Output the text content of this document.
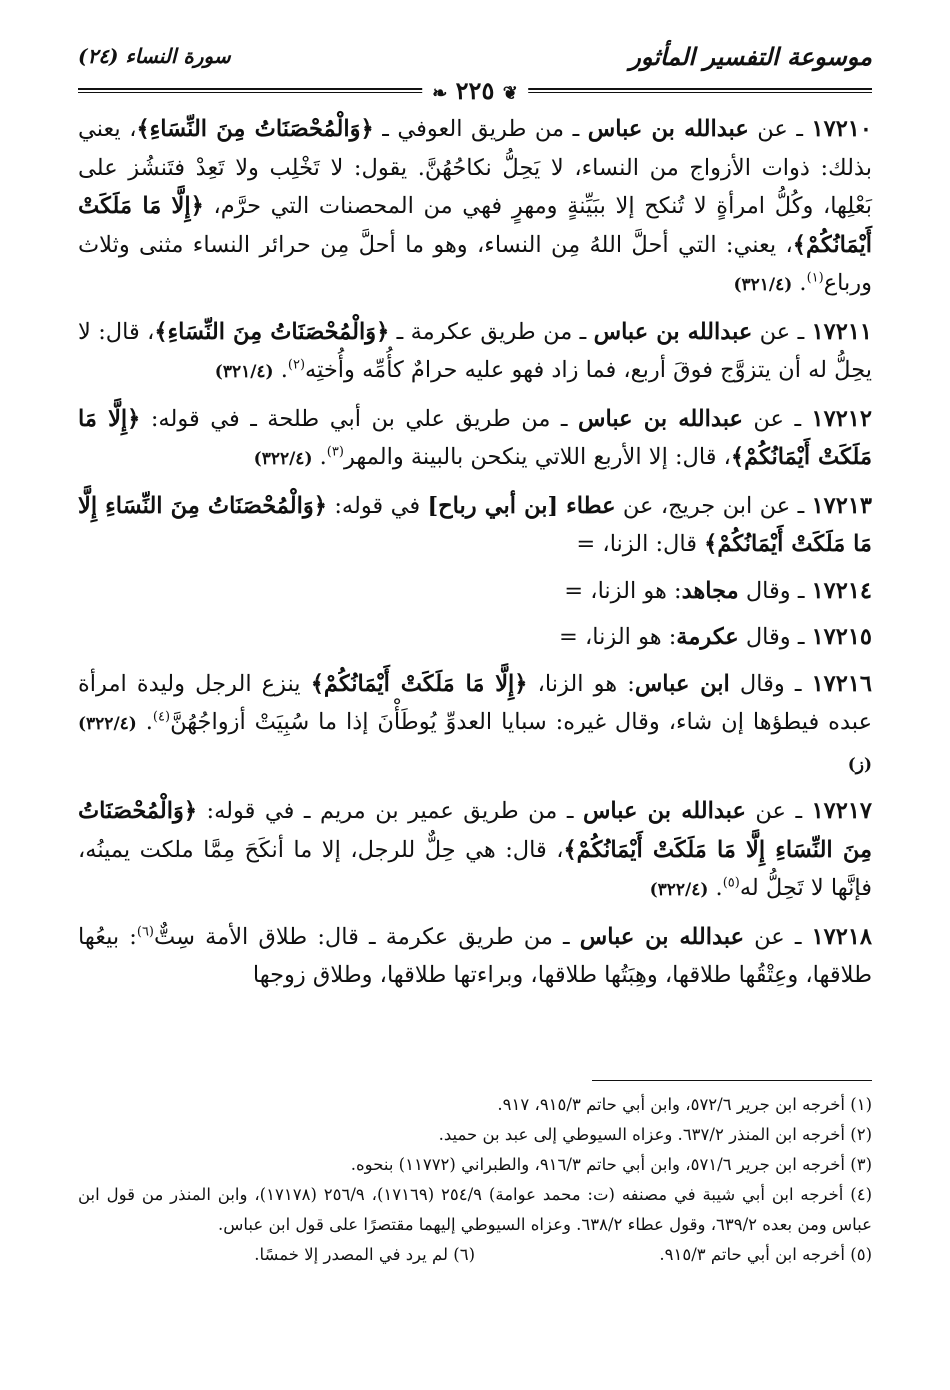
موسوعة التفسير المأثور
سورة النساء (٢٤)
❦ ٢٢٥ ❧

١٧٢١٠ ـ عن عبدالله بن عباس ـ من طريق العوفي ـ ﴿وَالْمُحْصَنَاتُ مِنَ النِّسَاءِ﴾، يعني بذلك: ذوات الأزواج من النساء، لا يَحِلُّ نكاحُهُنَّ. يقول: لا تَخْلِب ولا تَعِدْ فتَنشُز على بَعْلِها، وكُلُّ امرأةٍ لا تُنكح إلا ببَيِّنةٍ ومهرٍ فهي من المحصنات التي حرَّم، ﴿إِلَّا مَا مَلَكَتْ أَيْمَانُكُمْ﴾، يعني: التي أحلَّ اللهُ مِن النساء، وهو ما أحلَّ مِن حرائر النساء مثنى وثلاث ورباع$^{(١)}$. (٣٢١/٤)

١٧٢١١ ـ عن عبدالله بن عباس ـ من طريق عكرمة ـ ﴿وَالْمُحْصَنَاتُ مِنَ النِّسَاءِ﴾، قال: لا يحِلُّ له أن يتزوَّج فوقَ أربع، فما زاد فهو عليه حرامٌ كأُمِّه وأُختِه$^{(٢)}$. (٣٢١/٤)

١٧٢١٢ ـ عن عبدالله بن عباس ـ من طريق علي بن أبي طلحة ـ في قوله: ﴿إِلَّا مَا مَلَكَتْ أَيْمَانُكُمْ﴾، قال: إلا الأربع اللاتي ينكحن بالبينة والمهر$^{(٣)}$. (٣٢٢/٤)

١٧٢١٣ ـ عن ابن جريج، عن عطاء [بن أبي رباح] في قوله: ﴿وَالْمُحْصَنَاتُ مِنَ النِّسَاءِ إِلَّا مَا مَلَكَتْ أَيْمَانُكُمْ﴾ قال: الزنا، =

١٧٢١٤ ـ وقال مجاهد: هو الزنا، =

١٧٢١٥ ـ وقال عكرمة: هو الزنا، =

١٧٢١٦ ـ وقال ابن عباس: هو الزنا، ﴿إِلَّا مَا مَلَكَتْ أَيْمَانُكُمْ﴾ ينزع الرجل وليدة امرأة عبده فيطؤها إن شاء، وقال غيره: سبايا العدوِّ يُوطَأْنَ إذا ما سُبِيَتْ أزواجُهُنَّ$^{(٤)}$. (٣٢٢/٤) (ز)

١٧٢١٧ ـ عن عبدالله بن عباس ـ من طريق عمير بن مريم ـ في قوله: ﴿وَالْمُحْصَنَاتُ مِنَ النِّسَاءِ إِلَّا مَا مَلَكَتْ أَيْمَانُكُمْ﴾، قال: هي حِلٌّ للرجل، إلا ما أنكَحَ مِمَّا ملكت يمينُه، فإنَّها لا تَحِلُّ له$^{(٥)}$. (٣٢٢/٤)

١٧٢١٨ ـ عن عبدالله بن عباس ـ من طريق عكرمة ـ قال: طلاق الأمة سِتٌّ$^{(٦)}$: بيعُها طلاقها، وعِتْقُها طلاقها، وهِبَتُها طلاقها، وبراءتها طلاقها، وطلاق زوجها

(١) أخرجه ابن جرير ٥٧٢/٦، وابن أبي حاتم ٩١٥/٣، ٩١٧.

(٢) أخرجه ابن المنذر ٦٣٧/٢. وعزاه السيوطي إلى عبد بن حميد.

(٣) أخرجه ابن جرير ٥٧١/٦، وابن أبي حاتم ٩١٦/٣، والطبراني (١١٧٧٢) بنحوه.

(٤) أخرجه ابن أبي شيبة في مصنفه (ت: محمد عوامة) ٢٥٤/٩ (١٧١٦٩)، ٢٥٦/٩ (١٧١٧٨)، وابن المنذر من قول ابن عباس ومن بعده ٦٣٩/٢، وقول عطاء ٦٣٨/٢. وعزاه السيوطي إليهما مقتصرًا على قول ابن عباس.

(٥) أخرجه ابن أبي حاتم ٩١٥/٣.

(٦) لم يرد في المصدر إلا خمسًا.
